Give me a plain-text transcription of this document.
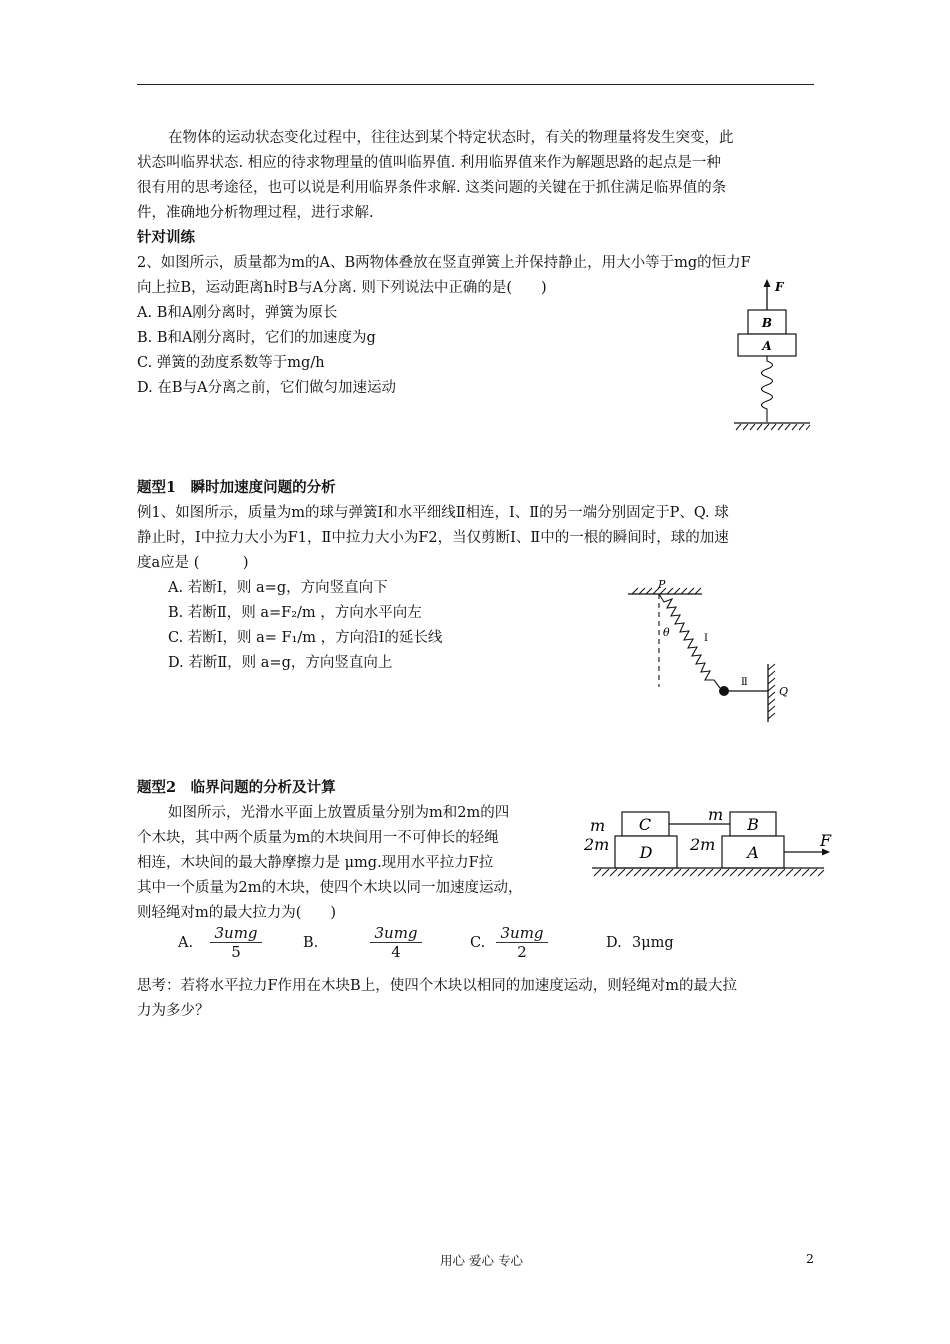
在物体的运动状态变化过程中，往往达到某个特定状态时，有关的物理量将发生突变，此
状态叫临界状态. 相应的待求物理量的值叫临界值. 利用临界值来作为解题思路的起点是一种
很有用的思考途径，也可以说是利用临界条件求解. 这类问题的关键在于抓住满足临界值的条
件，准确地分析物理过程，进行求解.
针对训练
2、如图所示，质量都为m的A、B两物体叠放在竖直弹簧上并保持静止，用大小等于mg的恒力F
向上拉B，运动距离h时B与A分离. 则下列说法中正确的是(　　)
A. B和A刚分离时，弹簧为原长
B. B和A刚分离时，它们的加速度为g
C. 弹簧的劲度系数等于mg/h
D. 在B与A分离之前，它们做匀加速运动
F
B
A
题型1　瞬时加速度问题的分析
例1、如图所示，质量为m的球与弹簧Ⅰ和水平细线Ⅱ相连，Ⅰ、Ⅱ的另一端分别固定于P、Q. 球
静止时，Ⅰ中拉力大小为F1，Ⅱ中拉力大小为F2，当仅剪断Ⅰ、Ⅱ中的一根的瞬间时，球的加速
度a应是 (　　　)
A. 若断Ⅰ，则 a=g，方向竖直向下
B. 若断Ⅱ，则 a=F₂/m ，方向水平向左
C. 若断Ⅰ，则 a= F₁/m ，方向沿Ⅰ的延长线
D. 若断Ⅱ，则 a=g，方向竖直向上
P
θ	Ⅰ
Ⅱ
Q
题型2　临界问题的分析及计算
如图所示，光滑水平面上放置质量分别为m和2m的四
个木块，其中两个质量为m的木块间用一不可伸长的轻绳
相连，木块间的最大静摩擦力是 μmg.现用水平拉力F拉
其中一个质量为2m的木块，使四个木块以同一加速度运动，
则轻绳对m的最大拉力为(　　)
m C
2m D
m
2m
B
A
F
A.
3umg
5	B.
3umg
4	C.
3umg
2	D. 3μmg
思考：若将水平拉力F作用在木块B上，使四个木块以相同的加速度运动，则轻绳对m的最大拉
力为多少？
用心 爱心 专心	2
